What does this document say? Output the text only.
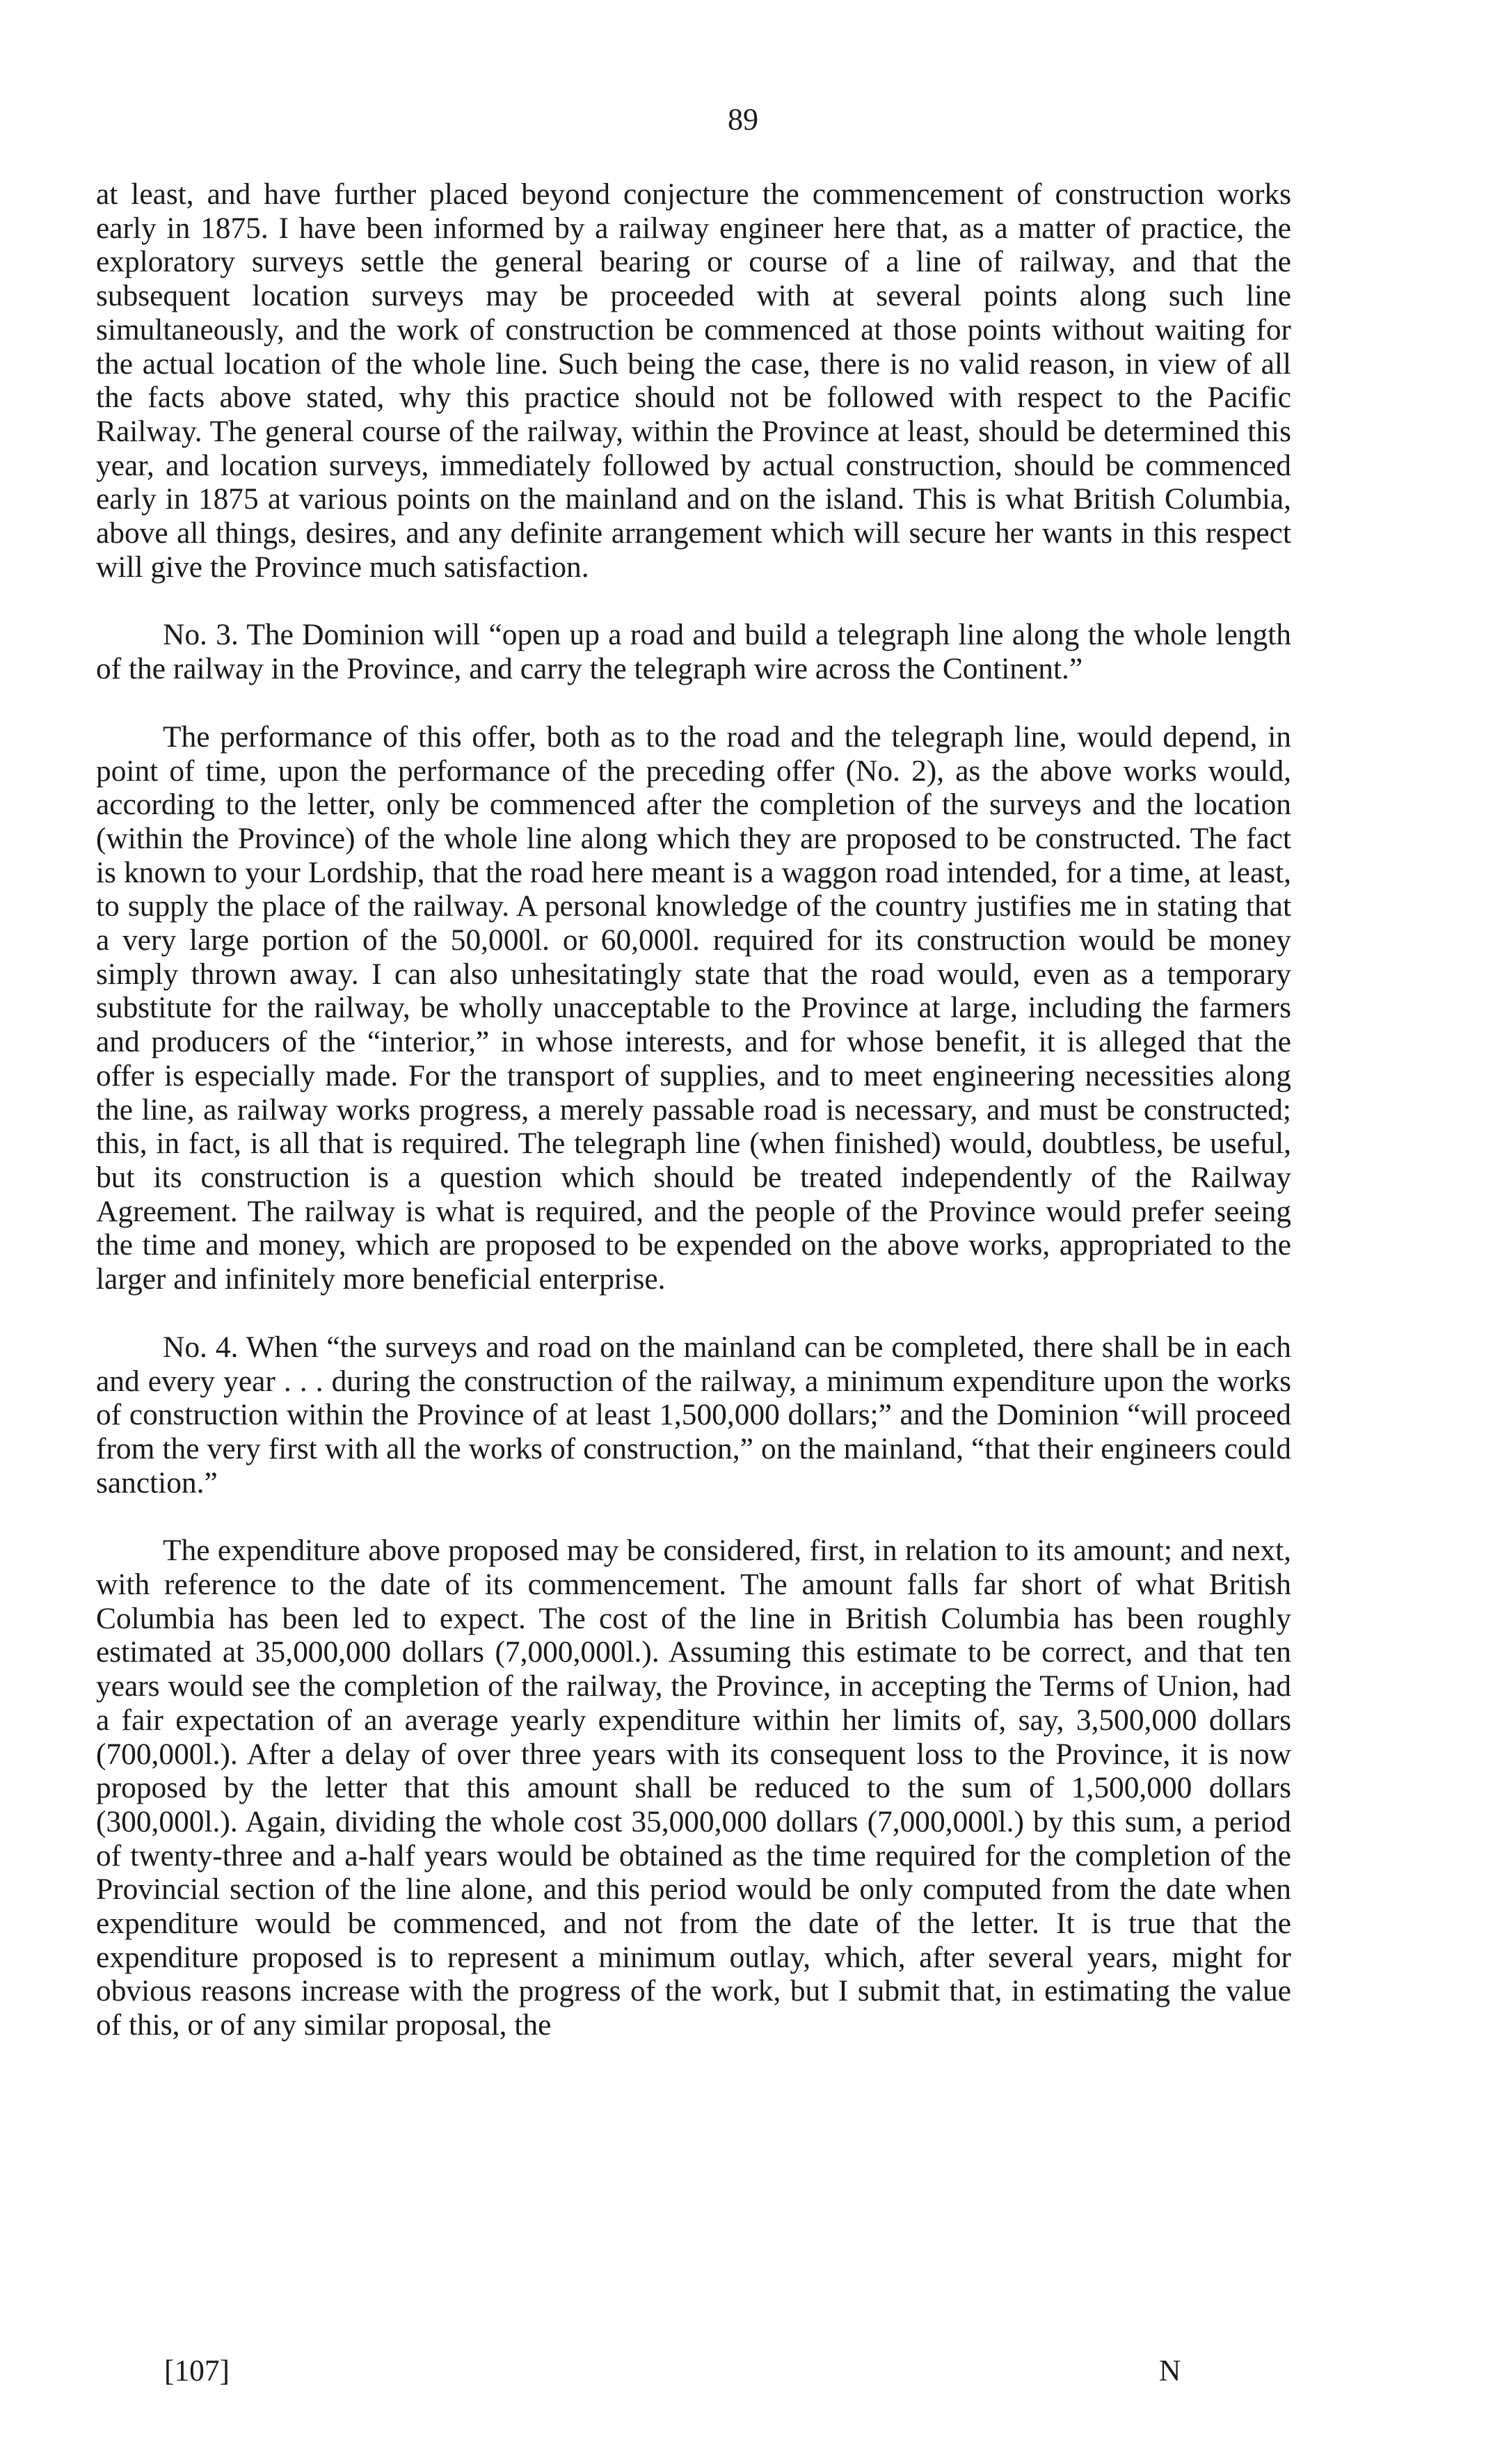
89

at least, and have further placed beyond conjecture the commencement of construction works early in 1875. I have been informed by a railway engineer here that, as a matter of practice, the exploratory surveys settle the general bearing or course of a line of railway, and that the subsequent location surveys may be proceeded with at several points along such line simultaneously, and the work of construction be commenced at those points without waiting for the actual location of the whole line. Such being the case, there is no valid reason, in view of all the facts above stated, why this practice should not be followed with respect to the Pacific Railway. The general course of the railway, within the Province at least, should be determined this year, and location surveys, immediately followed by actual construction, should be commenced early in 1875 at various points on the mainland and on the island. This is what British Columbia, above all things, desires, and any definite arrangement which will secure her wants in this respect will give the Province much satisfaction.

No. 3. The Dominion will “open up a road and build a telegraph line along the whole length of the railway in the Province, and carry the telegraph wire across the Continent.”

The performance of this offer, both as to the road and the telegraph line, would depend, in point of time, upon the performance of the preceding offer (No. 2), as the above works would, according to the letter, only be commenced after the completion of the surveys and the location (within the Province) of the whole line along which they are proposed to be constructed. The fact is known to your Lordship, that the road here meant is a waggon road intended, for a time, at least, to supply the place of the railway. A personal knowledge of the country justifies me in stating that a very large portion of the 50,000l. or 60,000l. required for its construction would be money simply thrown away. I can also unhesitatingly state that the road would, even as a temporary substitute for the railway, be wholly unacceptable to the Province at large, including the farmers and producers of the “interior,” in whose interests, and for whose benefit, it is alleged that the offer is especially made. For the transport of supplies, and to meet engineering necessities along the line, as railway works progress, a merely passable road is necessary, and must be constructed; this, in fact, is all that is required. The telegraph line (when finished) would, doubtless, be useful, but its construction is a question which should be treated independently of the Railway Agreement. The railway is what is required, and the people of the Province would prefer seeing the time and money, which are proposed to be expended on the above works, appropriated to the larger and infinitely more beneficial enterprise.

No. 4. When “the surveys and road on the mainland can be completed, there shall be in each and every year . . . during the construction of the railway, a minimum expenditure upon the works of construction within the Province of at least 1,500,000 dollars;” and the Dominion “will proceed from the very first with all the works of construction,” on the mainland, “that their engineers could sanction.”

The expenditure above proposed may be considered, first, in relation to its amount; and next, with reference to the date of its commencement. The amount falls far short of what British Columbia has been led to expect. The cost of the line in British Columbia has been roughly estimated at 35,000,000 dollars (7,000,000l.). Assuming this estimate to be correct, and that ten years would see the completion of the railway, the Province, in accepting the Terms of Union, had a fair expectation of an average yearly expenditure within her limits of, say, 3,500,000 dollars (700,000l.). After a delay of over three years with its consequent loss to the Province, it is now proposed by the letter that this amount shall be reduced to the sum of 1,500,000 dollars (300,000l.). Again, dividing the whole cost 35,000,000 dollars (7,000,000l.) by this sum, a period of twenty-three and a-half years would be obtained as the time required for the completion of the Provincial section of the line alone, and this period would be only computed from the date when expenditure would be commenced, and not from the date of the letter. It is true that the expenditure proposed is to represent a minimum outlay, which, after several years, might for obvious reasons increase with the progress of the work, but I submit that, in estimating the value of this, or of any similar proposal, the

[107]	N
